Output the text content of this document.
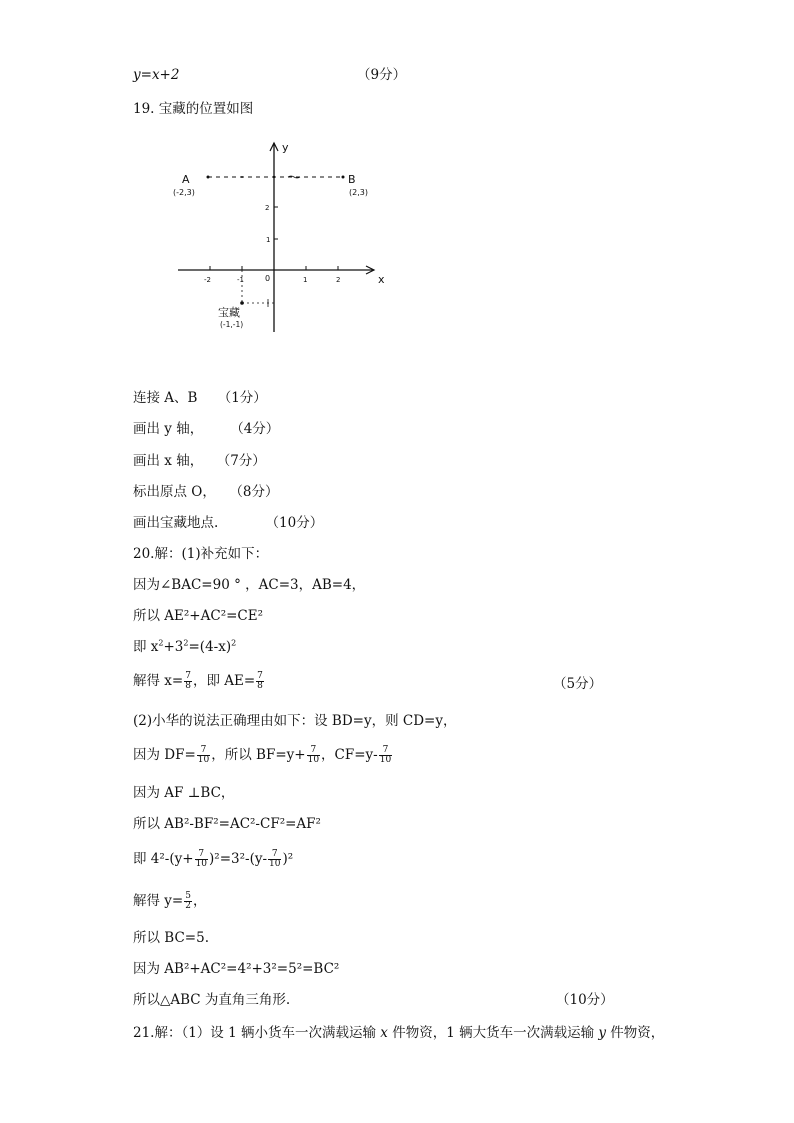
y=x+2	（9分）
19. 宝藏的位置如图
x
y
-2	-1	0	1	2
2
1
A
(-2,3)
B
(2,3)
宝藏
(-1,-1)
连接 A、B　　（1分）
画出 y 轴，　　　（4分）
画出 x 轴，　　（7分）
标出原点 O，　　（8分）
画出宝藏地点.　　　　（10分）
20.解：(1)补充如下：
因为∠BAC=90 ° ，AC=3，AB=4，
所以 AE²+AC²=CE²
即 $x^2+3^2=(4-x)^2$
解得 $x= \frac{7}{8}$ ，即 $AE= \frac{7}{8}$	（5分）
(2)小华的说法正确理由如下：设 BD=y，则 CD=y，
因为 $DF= \frac{7}{10}$ ，所以 $BF=y+ \frac{7}{10}$ ，$CF=y- \frac{7}{10}$
因为 AF ⊥BC，
所以 AB²-BF²=AC²-CF²=AF²
即 $4^2-(y+ \frac{7}{10} )^2=3^2-(y- \frac{7}{10} )^2$
解得 $y= \frac{5}{2}$ ，
所以 BC=5.
因为 AB²+AC²=4²+3²=5²=BC²
所以△ABC 为直角三角形.	（10分）
21.解：（1）设 1 辆小货车一次满载运输 x 件物资，1 辆大货车一次满载运输 y 件物资，
